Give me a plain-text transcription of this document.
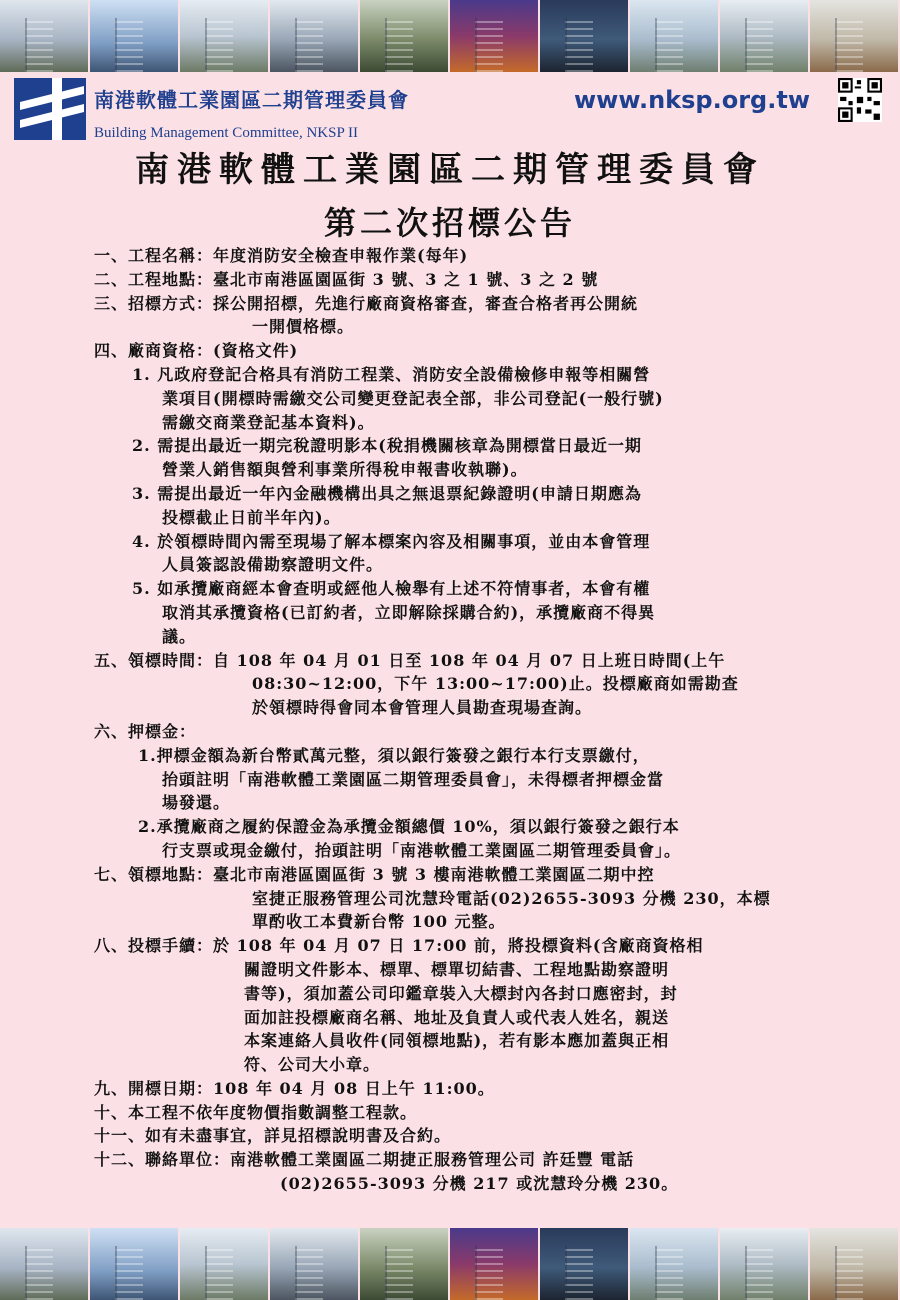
南港軟體工業園區二期管理委員會
Building Management Committee, NKSP II
www.nksp.org.tw
南港軟體工業園區二期管理委員會
第二次招標公告
一、工程名稱：年度消防安全檢查申報作業(每年)
二、工程地點：臺北市南港區園區街 3 號、3 之 1 號、3 之 2 號
三、招標方式：採公開招標，先進行廠商資格審查，審查合格者再公開統
一開價格標。
四、廠商資格：(資格文件)
1. 凡政府登記合格具有消防工程業、消防安全設備檢修申報等相關營
業項目(開標時需繳交公司變更登記表全部，非公司登記(一般行號)
需繳交商業登記基本資料)。
2. 需提出最近一期完稅證明影本(稅捐機關核章為開標當日最近一期
營業人銷售額與營利事業所得稅申報書收執聯)。
3. 需提出最近一年內金融機構出具之無退票紀錄證明(申請日期應為
投標截止日前半年內)。
4. 於領標時間內需至現場了解本標案內容及相關事項，並由本會管理
人員簽認設備勘察證明文件。
5. 如承攬廠商經本會查明或經他人檢舉有上述不符情事者，本會有權
取消其承攬資格(已訂約者，立即解除採購合約)，承攬廠商不得異
議。
五、領標時間：自 108 年 04 月 01 日至 108 年 04 月 07 日上班日時間(上午
08:30~12:00，下午 13:00~17:00)止。投標廠商如需勘查
於領標時得會同本會管理人員勘查現場查詢。
六、押標金：
1.押標金額為新台幣貳萬元整，須以銀行簽發之銀行本行支票繳付，
抬頭註明「南港軟體工業園區二期管理委員會」，未得標者押標金當
場發還。
2.承攬廠商之履約保證金為承攬金額總價 10%，須以銀行簽發之銀行本
行支票或現金繳付，抬頭註明「南港軟體工業園區二期管理委員會」。
七、領標地點：臺北市南港區園區街 3 號 3 樓南港軟體工業園區二期中控
室捷正服務管理公司沈慧玲電話(02)2655-3093 分機 230，本標
單酌收工本費新台幣 100 元整。
八、投標手續：於 108 年 04 月 07 日 17:00 前，將投標資料(含廠商資格相
關證明文件影本、標單、標單切結書、工程地點勘察證明
書等)，須加蓋公司印鑑章裝入大標封內各封口應密封，封
面加註投標廠商名稱、地址及負責人或代表人姓名，親送
本案連絡人員收件(同領標地點)，若有影本應加蓋與正相
符、公司大小章。
九、開標日期：108 年 04 月 08 日上午 11:00。
十、本工程不依年度物價指數調整工程款。
十一、如有未盡事宜，詳見招標說明書及合約。
十二、聯絡單位：南港軟體工業園區二期捷正服務管理公司 許廷豐 電話
(02)2655-3093 分機 217 或沈慧玲分機 230。
